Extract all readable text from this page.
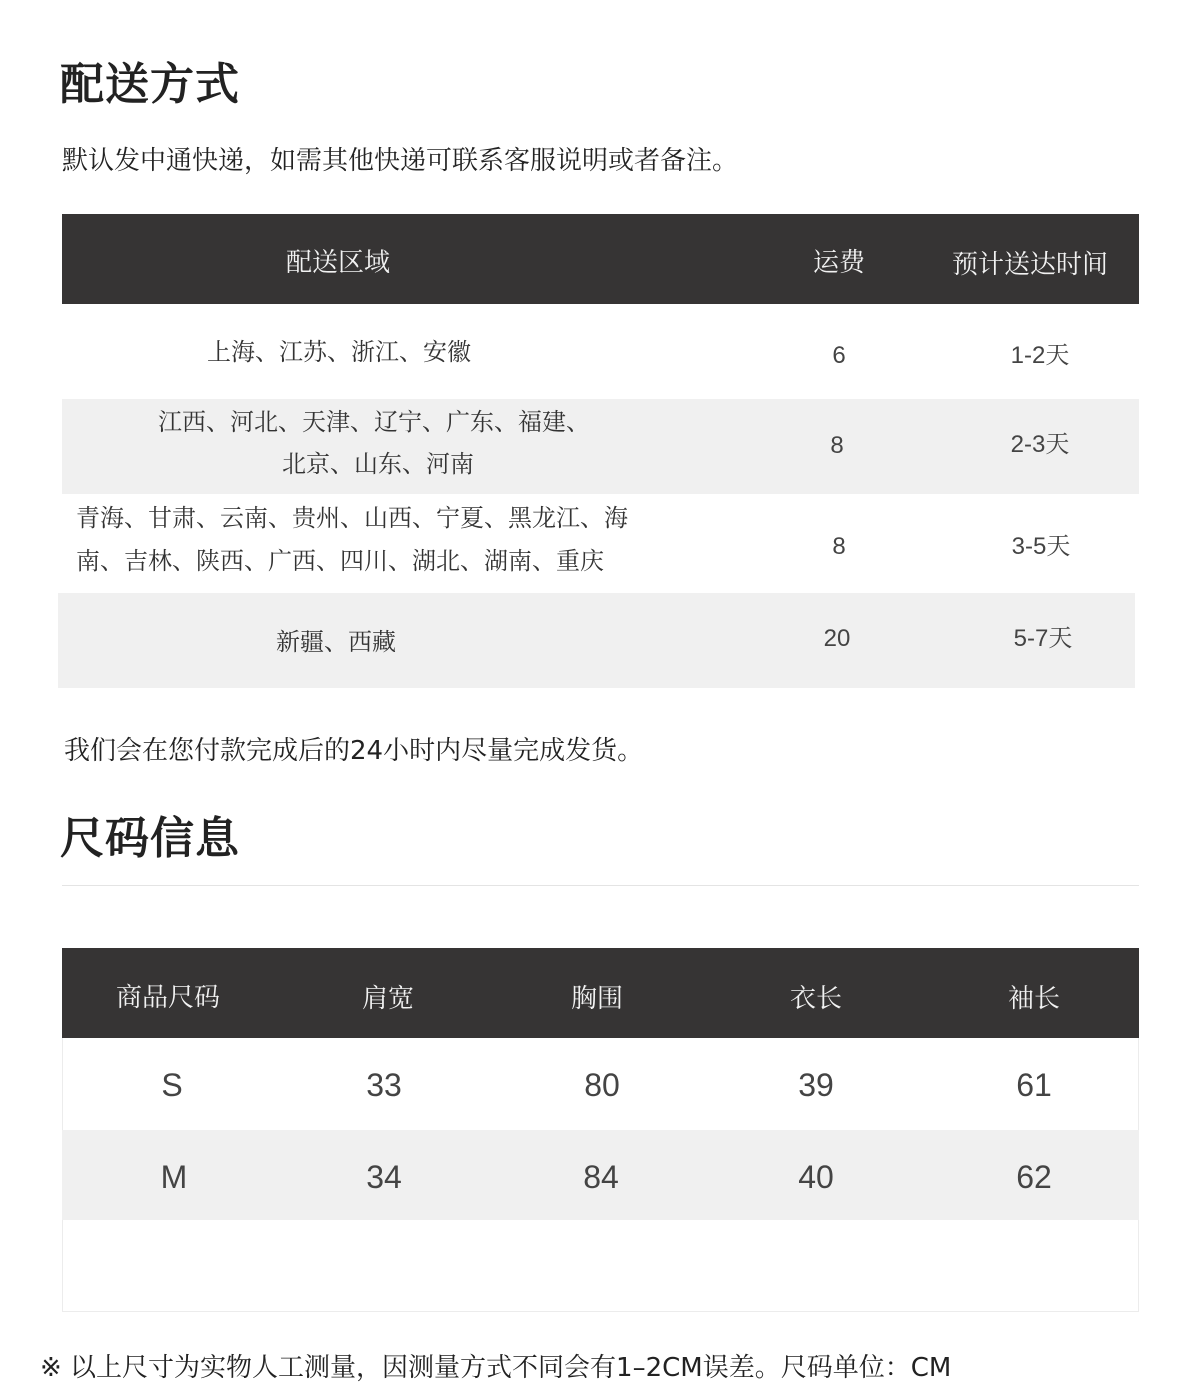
配送方式
默认发中通快递，如需其他快递可联系客服说明或者备注。
配送区域	运费	预计送达时间
上海、江苏、浙江、安徽	6	1-2天
江西、河北、天津、辽宁、广东、福建、
北京、山东、河南
8	2-3天
青海、甘肃、云南、贵州、山西、宁夏、黑龙江、海
南、吉林、陕西、广西、四川、湖北、湖南、重庆
8	3-5天
新疆、西藏	20	5-7天
我们会在您付款完成后的24小时内尽量完成发货。
尺码信息
商品尺码	肩宽	胸围	衣长	袖长
S	33	80	39	61
M	34	84	40	62
※ 以上尺寸为实物人工测量，因测量方式不同会有1–2CM误差。尺码单位：CM
